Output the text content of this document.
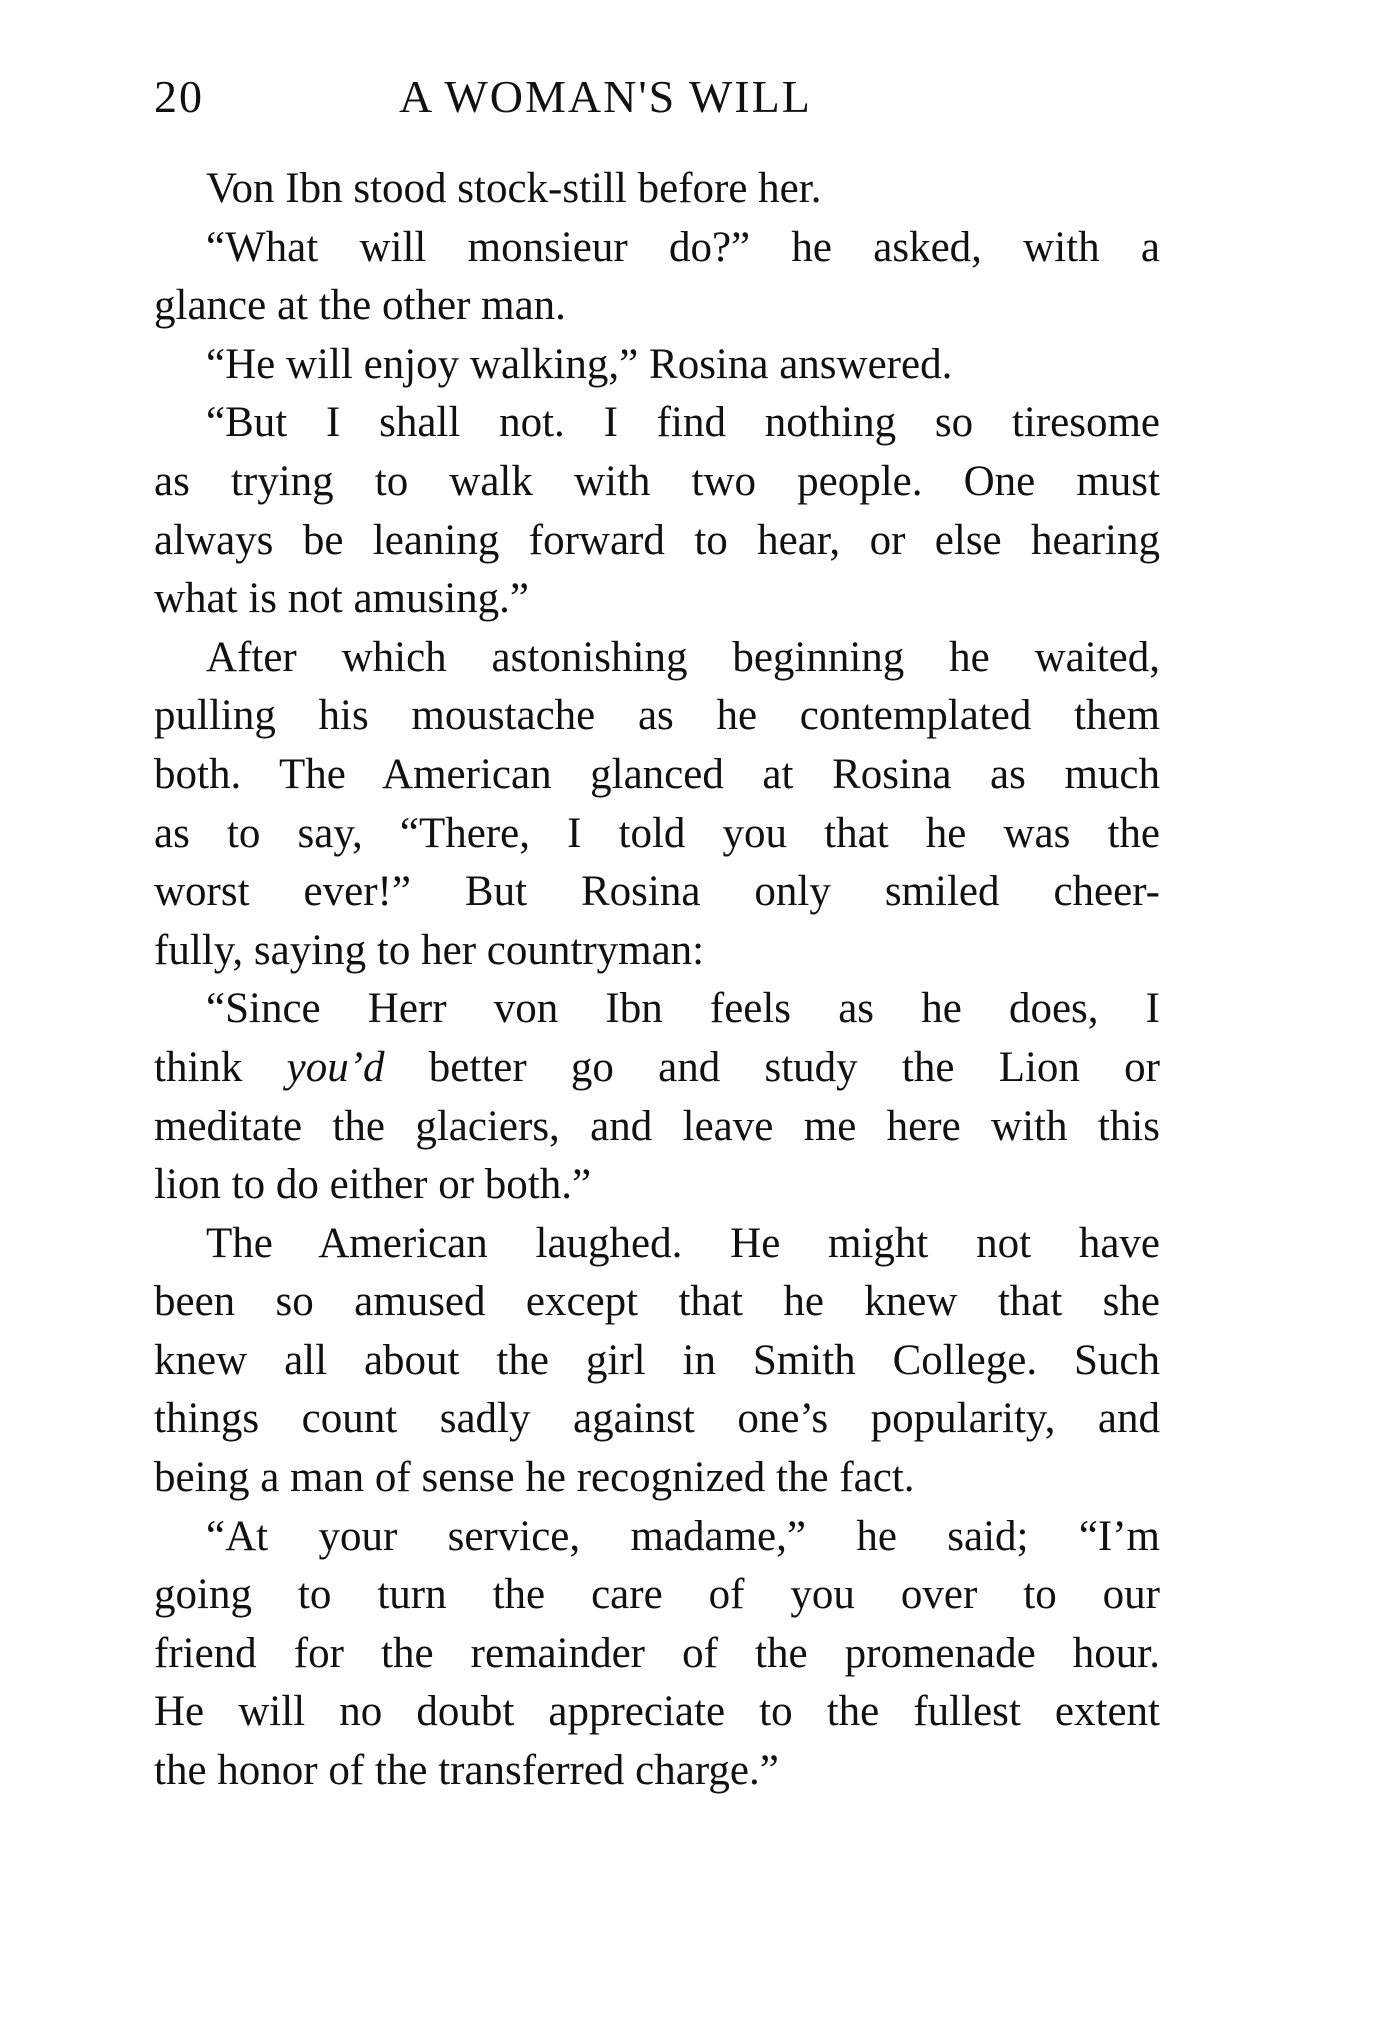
20	A WOMAN'S WILL
Von Ibn stood stock-still before her.
“What will monsieur do?” he asked, with a
glance at the other man.
“He will enjoy walking,” Rosina answered.
“But I shall not. I find nothing so tiresome
as trying to walk with two people. One must
always be leaning forward to hear, or else hearing
what is not amusing.”
After which astonishing beginning he waited,
pulling his moustache as he contemplated them
both. The American glanced at Rosina as much
as to say, “There, I told you that he was the
worst ever!” But Rosina only smiled cheer-
fully, saying to her countryman:
“Since Herr von Ibn feels as he does, I
think you’d better go and study the Lion or
meditate the glaciers, and leave me here with this
lion to do either or both.”
The American laughed. He might not have
been so amused except that he knew that she
knew all about the girl in Smith College. Such
things count sadly against one’s popularity, and
being a man of sense he recognized the fact.
“At your service, madame,” he said; “I’m
going to turn the care of you over to our
friend for the remainder of the promenade hour.
He will no doubt appreciate to the fullest extent
the honor of the transferred charge.”
